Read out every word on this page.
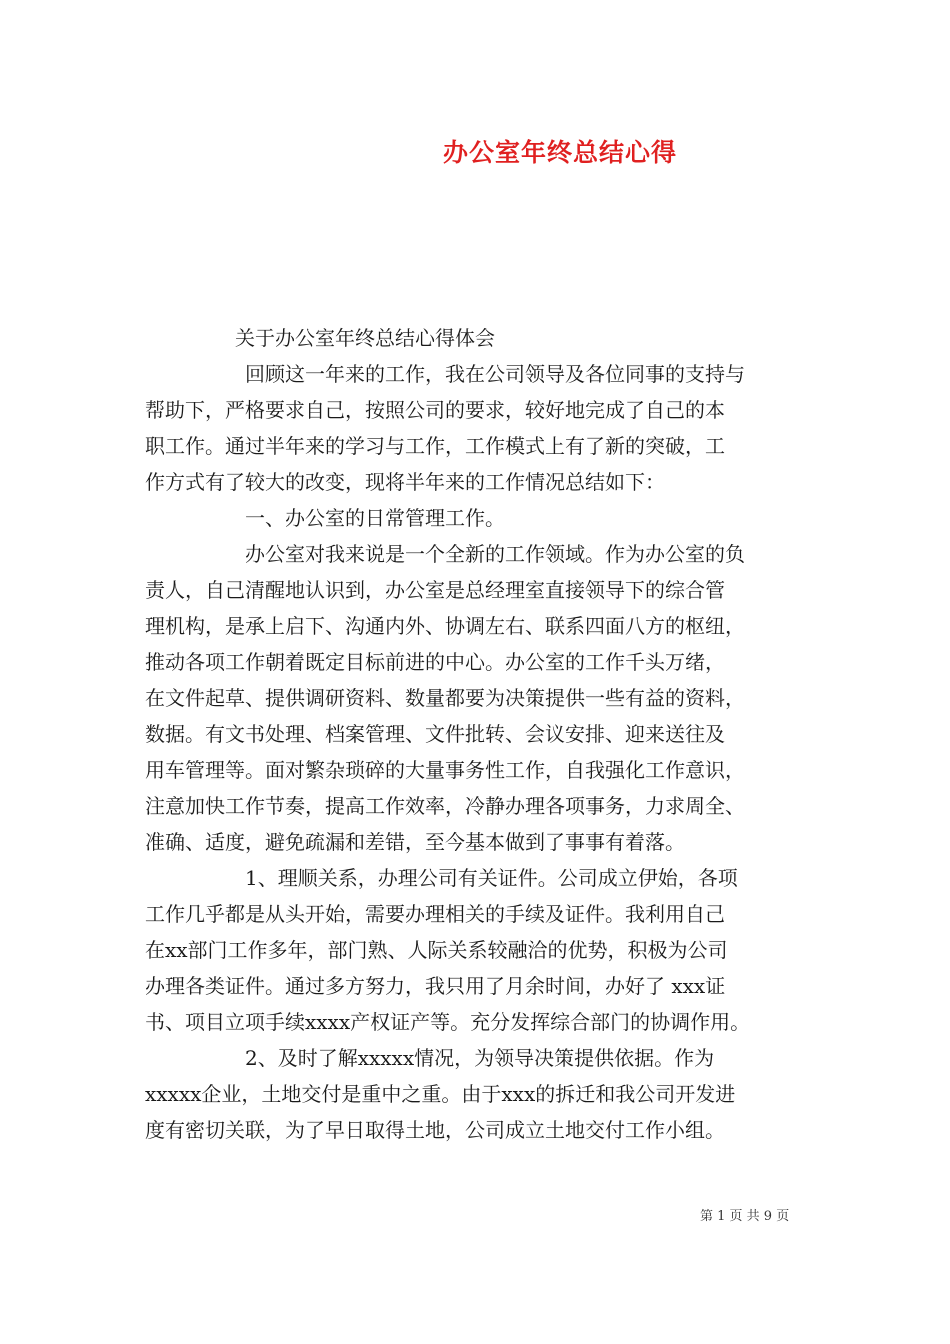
办公室年终总结心得
关于办公室年终总结心得体会
回顾这一年来的工作，我在公司领导及各位同事的支持与
帮助下，严格要求自己，按照公司的要求，较好地完成了自己的本
职工作。通过半年来的学习与工作，工作模式上有了新的突破，工
作方式有了较大的改变，现将半年来的工作情况总结如下：
一、办公室的日常管理工作。
办公室对我来说是一个全新的工作领域。作为办公室的负
责人，自己清醒地认识到，办公室是总经理室直接领导下的综合管
理机构，是承上启下、沟通内外、协调左右、联系四面八方的枢纽，
推动各项工作朝着既定目标前进的中心。办公室的工作千头万绪，
在文件起草、提供调研资料、数量都要为决策提供一些有益的资料，
数据。有文书处理、档案管理、文件批转、会议安排、迎来送往及
用车管理等。面对繁杂琐碎的大量事务性工作，自我强化工作意识，
注意加快工作节奏，提高工作效率，冷静办理各项事务，力求周全、
准确、适度，避免疏漏和差错，至今基本做到了事事有着落。
1、理顺关系，办理公司有关证件。公司成立伊始，各项
工作几乎都是从头开始，需要办理相关的手续及证件。我利用自己
在xx部门工作多年，部门熟、人际关系较融洽的优势，积极为公司
办理各类证件。通过多方努力，我只用了月余时间，办好了 xxx证
书、项目立项手续xxxx产权证产等。充分发挥综合部门的协调作用。
2、及时了解xxxxx情况，为领导决策提供依据。作为
xxxxx企业，土地交付是重中之重。由于xxx的拆迁和我公司开发进
度有密切关联，为了早日取得土地，公司成立土地交付工作小组。
第 1 页 共 9 页
